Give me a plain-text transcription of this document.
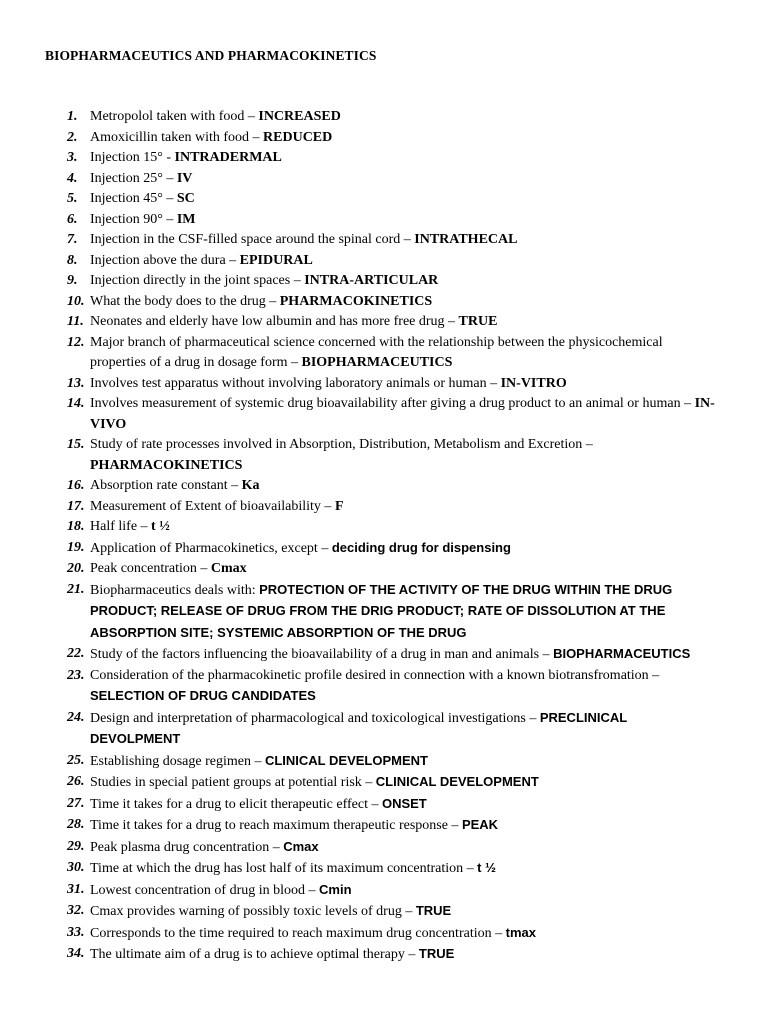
BIOPHARMACEUTICS AND PHARMACOKINETICS
1. Metropolol taken with food – INCREASED
2. Amoxicillin taken with food – REDUCED
3. Injection 15° - INTRADERMAL
4. Injection 25° – IV
5. Injection 45° – SC
6. Injection 90° – IM
7. Injection in the CSF-filled space around the spinal cord – INTRATHECAL
8. Injection above the dura – EPIDURAL
9. Injection directly in the joint spaces – INTRA-ARTICULAR
10. What the body does to the drug – PHARMACOKINETICS
11. Neonates and elderly have low albumin and has more free drug – TRUE
12. Major branch of pharmaceutical science concerned with the relationship between the physicochemical properties of a drug in dosage form – BIOPHARMACEUTICS
13. Involves test apparatus without involving laboratory animals or human – IN-VITRO
14. Involves measurement of systemic drug bioavailability after giving a drug product to an animal or human – IN-VIVO
15. Study of rate processes involved in Absorption, Distribution, Metabolism and Excretion – PHARMACOKINETICS
16. Absorption rate constant – Ka
17. Measurement of Extent of bioavailability – F
18. Half life – t ½
19. Application of Pharmacokinetics, except – deciding drug for dispensing
20. Peak concentration – Cmax
21. Biopharmaceutics deals with: PROTECTION OF THE ACTIVITY OF THE DRUG WITHIN THE DRUG PRODUCT; RELEASE OF DRUG FROM THE DRIG PRODUCT; RATE OF DISSOLUTION AT THE ABSORPTION SITE; SYSTEMIC ABSORPTION OF THE DRUG
22. Study of the factors influencing the bioavailability of a drug in man and animals – BIOPHARMACEUTICS
23. Consideration of the pharmacokinetic profile desired in connection with a known biotransfromation – SELECTION OF DRUG CANDIDATES
24. Design and interpretation of pharmacological and toxicological investigations – PRECLINICAL DEVOLPMENT
25. Establishing dosage regimen – CLINICAL DEVELOPMENT
26. Studies in special patient groups at potential risk – CLINICAL DEVELOPMENT
27. Time it takes for a drug to elicit therapeutic effect – ONSET
28. Time it takes for a drug to reach maximum therapeutic response – PEAK
29. Peak plasma drug concentration – Cmax
30. Time at which the drug has lost half of its maximum concentration – t ½
31. Lowest concentration of drug in blood – Cmin
32. Cmax provides warning of possibly toxic levels of drug – TRUE
33. Corresponds to the time required to reach maximum drug concentration – tmax
34. The ultimate aim of a drug is to achieve optimal therapy – TRUE
